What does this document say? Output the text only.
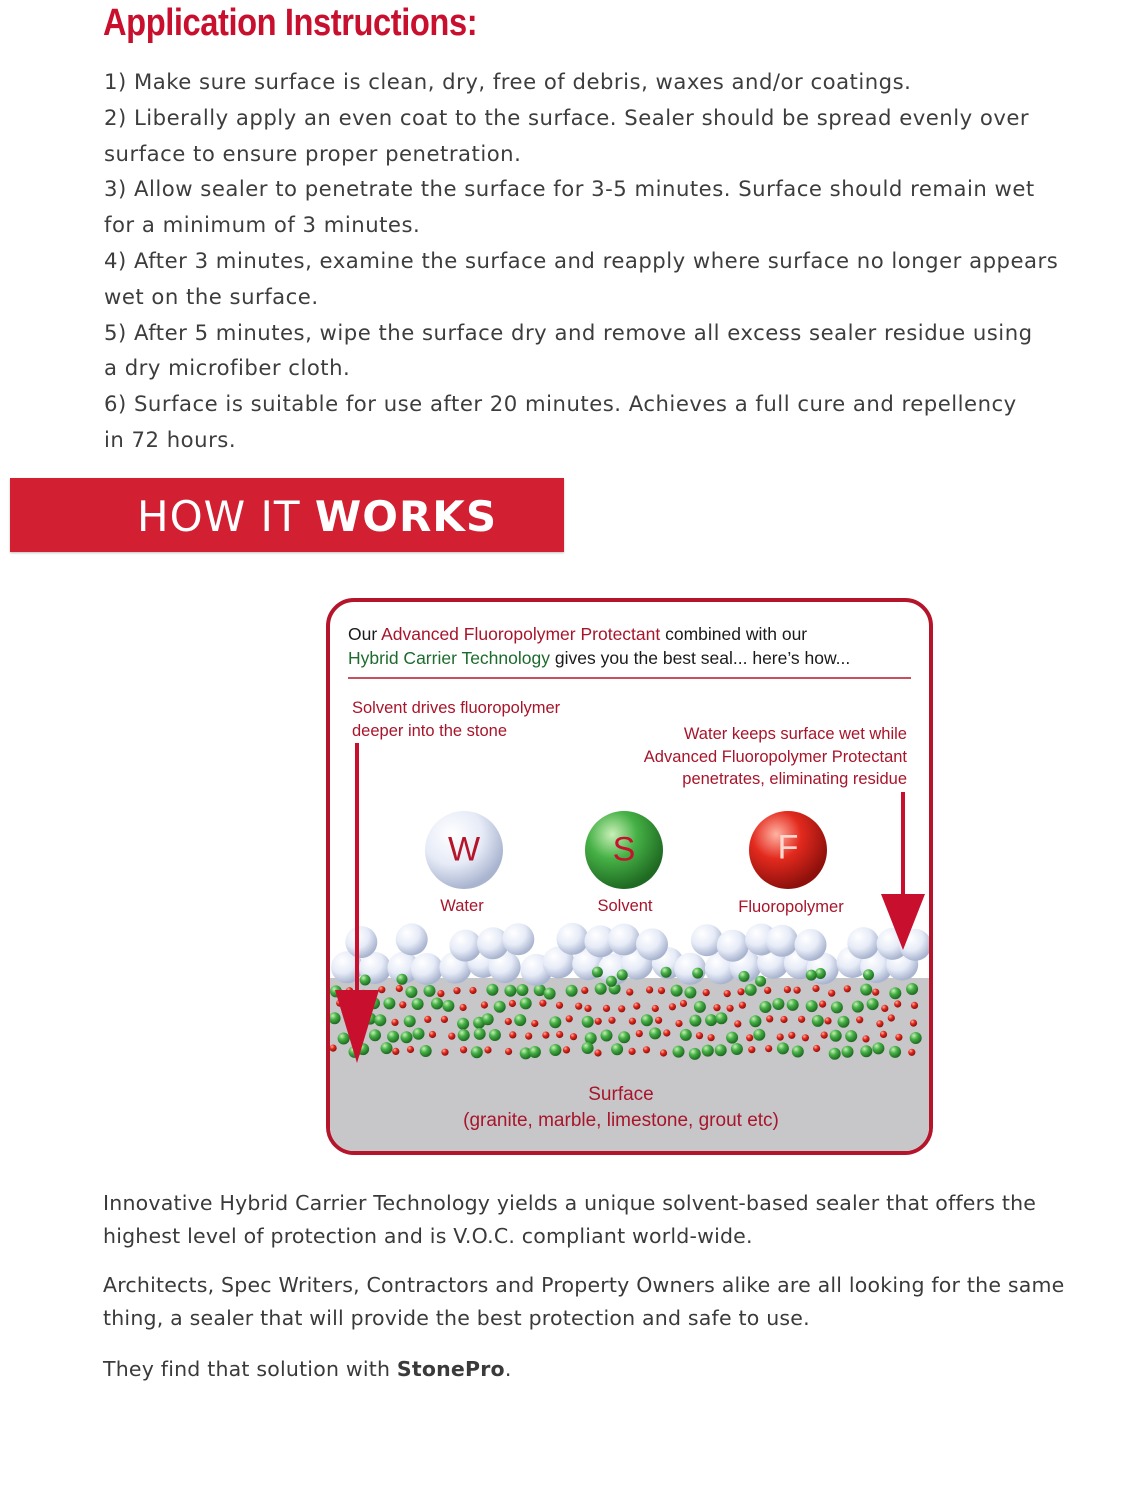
Application Instructions:
1) Make sure surface is clean, dry, free of debris, waxes and/or coatings.
2) Liberally apply an even coat to the surface. Sealer should be spread evenly over
surface to ensure proper penetration.
3) Allow sealer to penetrate the surface for 3-5 minutes. Surface should remain wet
for a minimum of 3 minutes.
4) After 3 minutes, examine the surface and reapply where surface no longer appears
wet on the surface.
5) After 5 minutes, wipe the surface dry and remove all excess sealer residue using
a dry microfiber cloth.
6) Surface is suitable for use after 20 minutes. Achieves a full cure and repellency
in 72 hours.
HOW IT WORKS
Our Advanced Fluoropolymer Protectant combined with our
Hybrid Carrier Technology gives you the best seal... here’s how...
Solvent drives fluoropolymer
deeper into the stone	Water keeps surface wet while
Advanced Fluoropolymer Protectant
penetrates, eliminating residue
W	S	F
Water	Solvent	Fluoropolymer
Surface
(granite, marble, limestone, grout etc)

Innovative Hybrid Carrier Technology yields a unique solvent-based sealer that offers the

highest level of protection and is V.O.C. compliant world-wide.

Architects, Spec Writers, Contractors and Property Owners alike are all looking for the same

thing, a sealer that will provide the best protection and safe to use.

They find that solution with StonePro.
